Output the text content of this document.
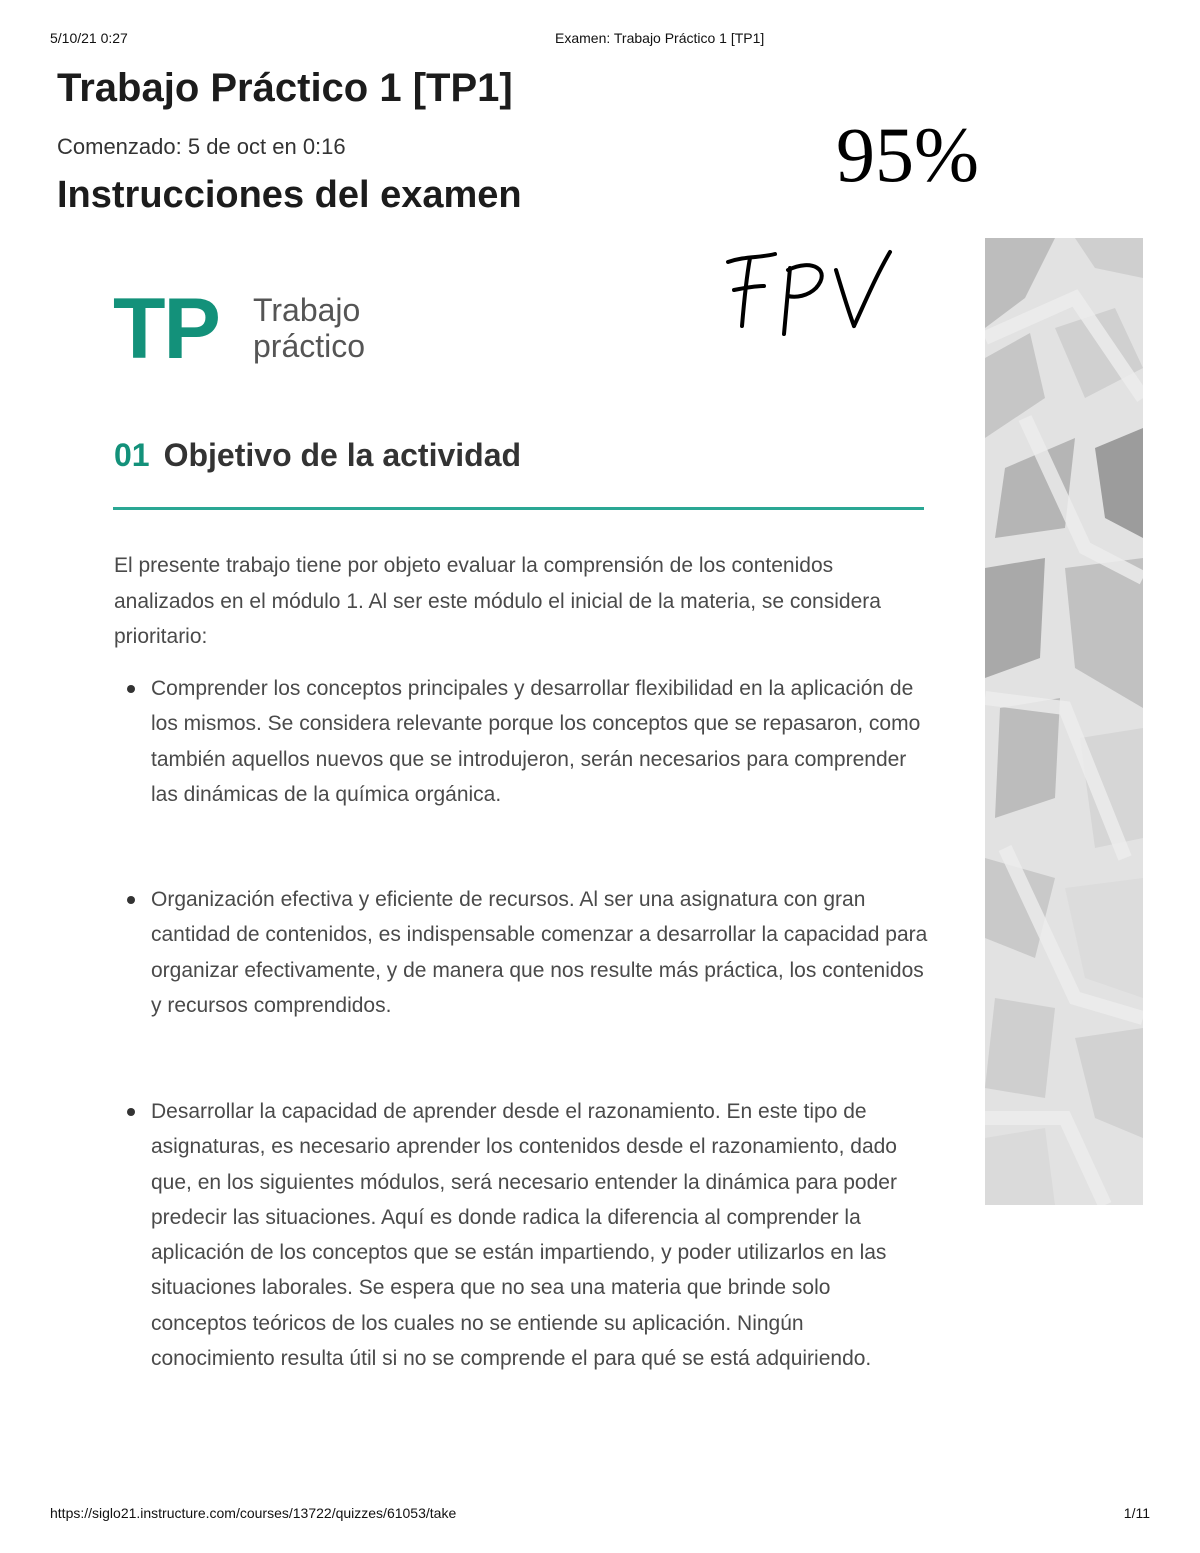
5/10/21 0:27	Examen: Trabajo Práctico 1 [TP1]
Trabajo Práctico 1 [TP1]
Comenzado: 5 de oct en 0:16
Instrucciones del examen	95%
TP Trabajo
práctico
01 Objetivo de la actividad

El presente trabajo tiene por objeto evaluar la comprensión de los contenidos analizados en el módulo 1. Al ser este módulo el inicial de la materia, se considera prioritario:

Comprender los conceptos principales y desarrollar flexibilidad en la aplicación de los mismos. Se considera relevante porque los conceptos que se repasaron, como también aquellos nuevos que se introdujeron, serán necesarios para comprender las dinámicas de la química orgánica.

Organización efectiva y eficiente de recursos. Al ser una asignatura con gran cantidad de contenidos, es indispensable comenzar a desarrollar la capacidad para organizar efectivamente, y de manera que nos resulte más práctica, los contenidos y recursos comprendidos.

Desarrollar la capacidad de aprender desde el razonamiento. En este tipo de asignaturas, es necesario aprender los contenidos desde el razonamiento, dado que, en los siguientes módulos, será necesario entender la dinámica para poder predecir las situaciones. Aquí es donde radica la diferencia al comprender la aplicación de los conceptos que se están impartiendo, y poder utilizarlos en las situaciones laborales. Se espera que no sea una materia que brinde solo conceptos teóricos de los cuales no se entiende su aplicación. Ningún conocimiento resulta útil si no se comprende el para qué se está adquiriendo.

https://siglo21.instructure.com/courses/13722/quizzes/61053/take	1/11
